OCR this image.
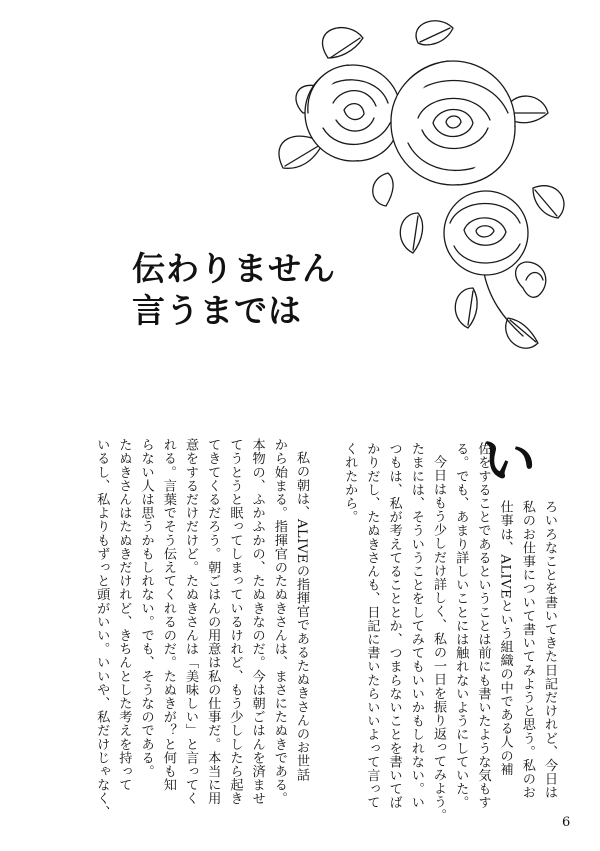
伝わりません
言うまでは
い
ろいろなことを書いてきた日記だけれど、今日は
私のお仕事について書いてみようと思う。私のお
仕事は、ALIVEという組織の中である人の補
佐をすることであるということは前にも書いたような気もす
る。でも、あまり詳しいことには触れないようにしていた。
今日はもう少しだけ詳しく、私の一日を振り返ってみよう。
たまには、そういうことをしてみてもいいかもしれない。い
つもは、私が考えてることとか、つまらないことを書いてば
かりだし、たぬきさんも、日記に書いたらいいよって言って
くれたから。
私の朝は、ALIVEの指揮官であるたぬきさんのお世話
から始まる。指揮官のたぬきさんは、まさにたぬきである。
本物の、ふかふかの、たぬきなのだ。今は朝ごはんを済ませ
てうとうと眠ってしまっているけれど、もう少ししたら起き
てきてくるだろう。朝ごはんの用意は私の仕事だ。本当に用
意をするだけだけど。たぬきさんは「美味しい」と言ってく
れる。言葉でそう伝えてくれるのだ。たぬきが？と何も知
らない人は思うかもしれない。でも、そうなのである。
たぬきさんはたぬきだけれど、きちんとした考えを持って
いるし、私よりもずっと頭がいい。いいや、私だけじゃなく、
6
